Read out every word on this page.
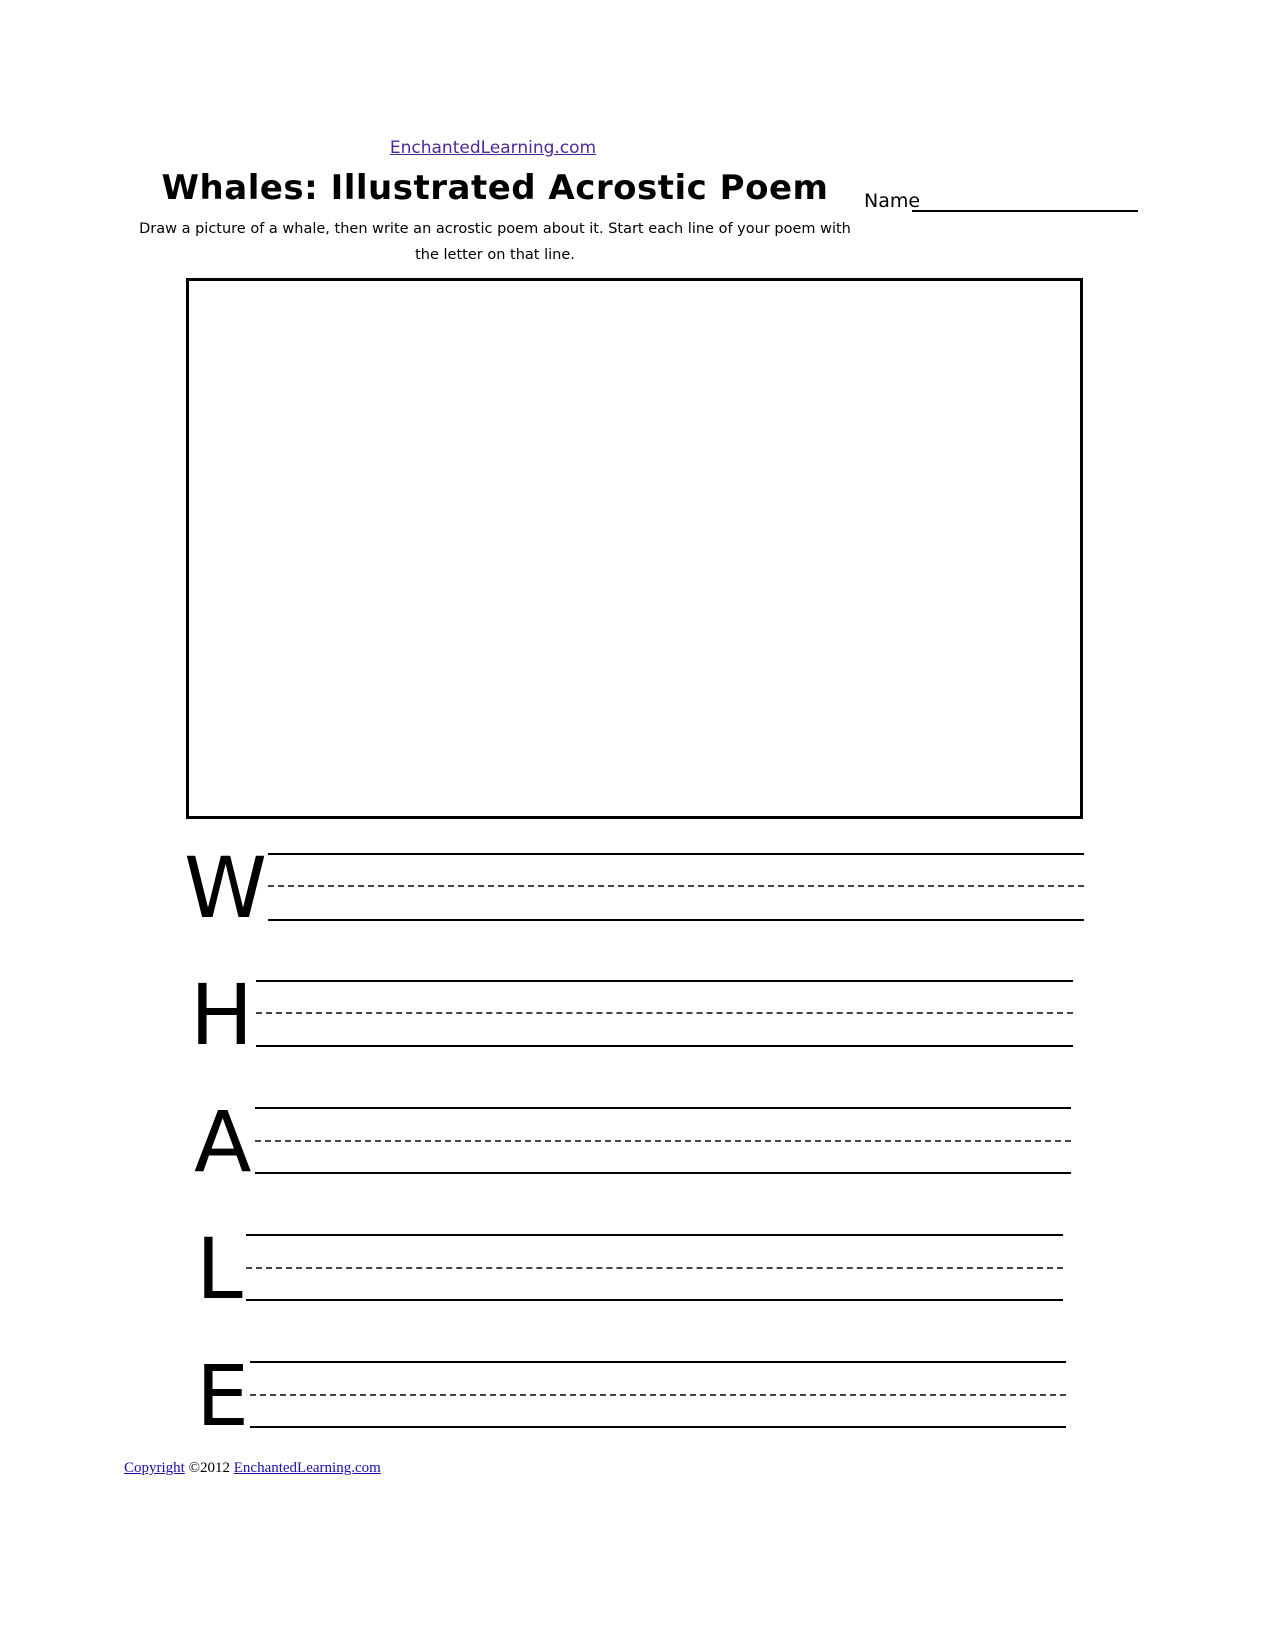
EnchantedLearning.com
Whales: Illustrated Acrostic Poem	Name
Draw a picture of a whale, then write an acrostic poem about it. Start each line of your poem with the letter on that line.
W
H
A
L
E
Copyright ©2012 EnchantedLearning.com
